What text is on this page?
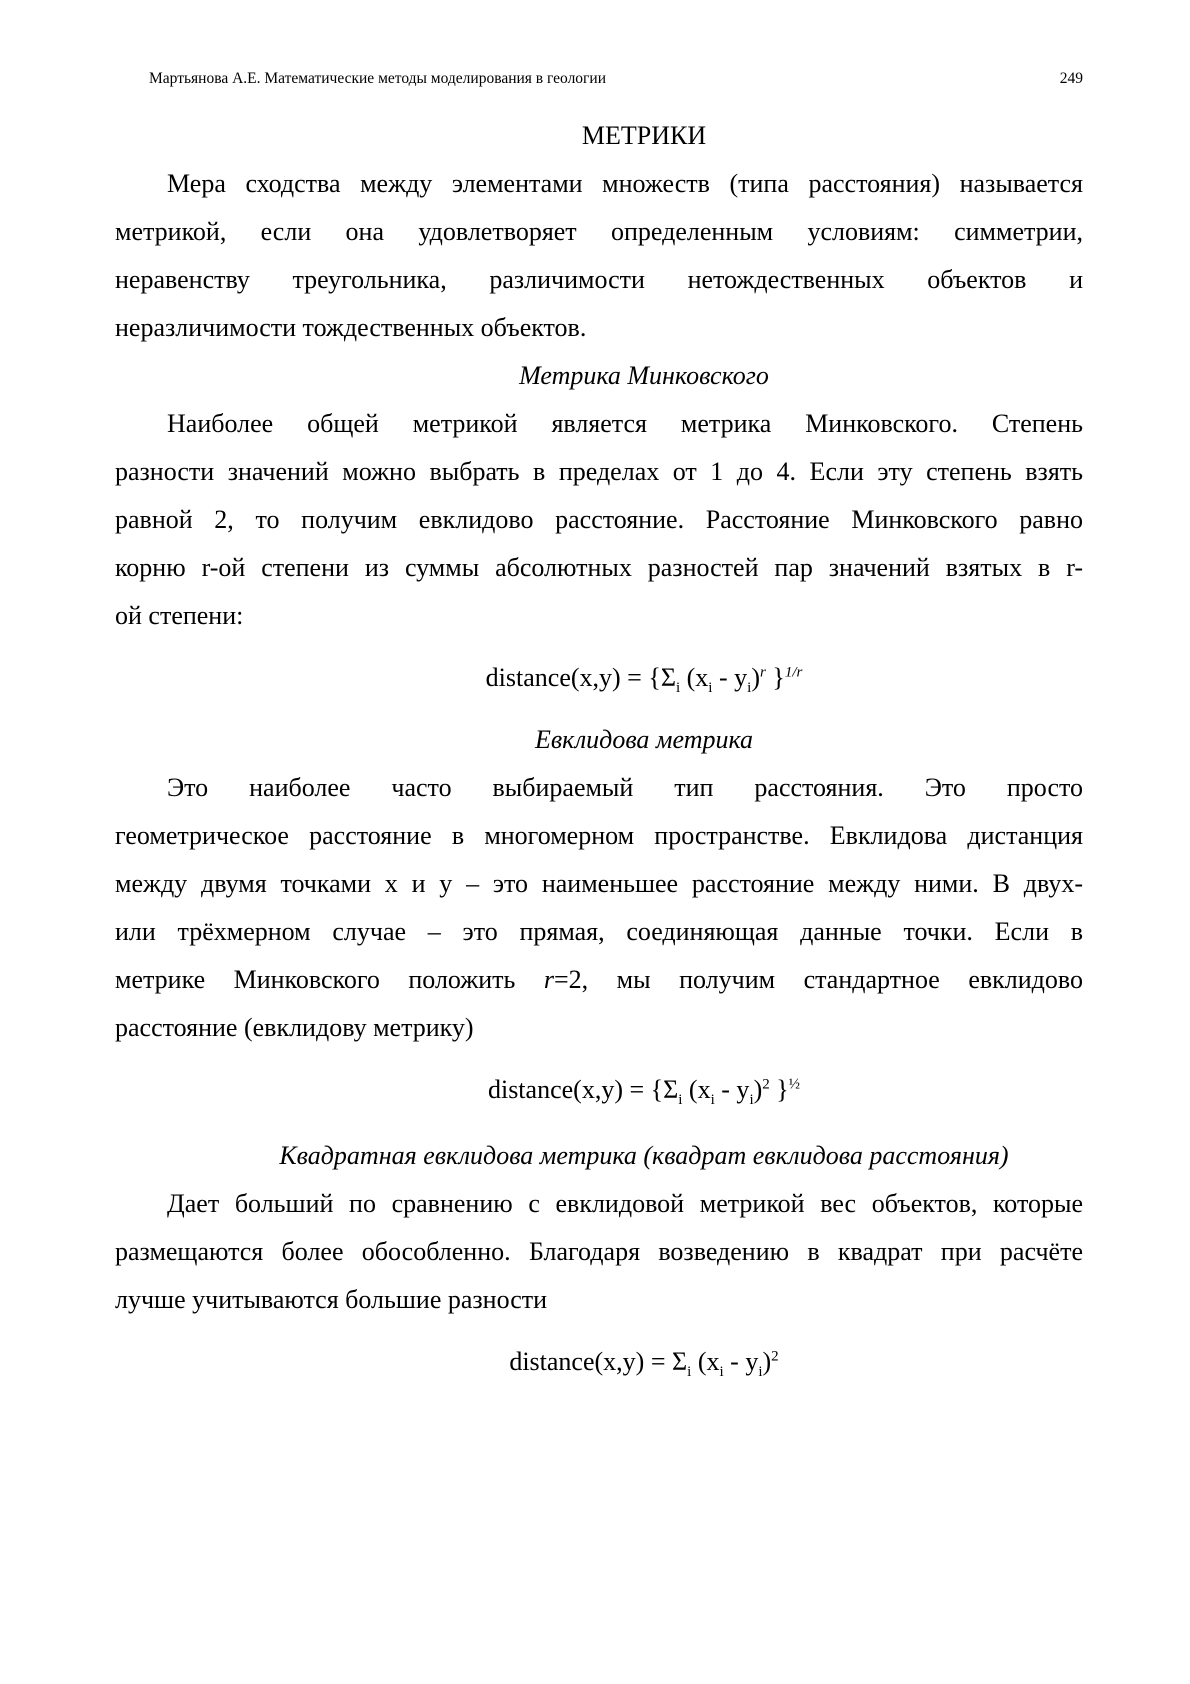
Мартьянова А.Е. Математические методы моделирования в геологии	249
МЕТРИКИ
Мера сходства между элементами множеств (типа расстояния) называется
метрикой, если она удовлетворяет определенным условиям: симметрии,
неравенству треугольника, различимости нетождественных объектов и
неразличимости тождественных объектов.
Метрика Минковского
Наиболее общей метрикой является метрика Минковского. Степень
разности значений можно выбрать в пределах от 1 до 4. Если эту степень взять
равной 2, то получим евклидово расстояние. Расстояние Минковского равно
корню r-ой степени из суммы абсолютных разностей пар значений взятых в r-
ой степени:
distance(x,y) = {$\Sigma_i$ $(x_i - y_i)^r$ }$^{1/r}$
Евклидова метрика
Это наиболее часто выбираемый тип расстояния. Это просто
геометрическое расстояние в многомерном пространстве. Евклидова дистанция
между двумя точками x и y – это наименьшее расстояние между ними. В двух-
или трёхмерном случае – это прямая, соединяющая данные точки. Если в
метрике Минковского положить r=2, мы получим стандартное евклидово
расстояние (евклидову метрику)
distance(x,y) = {$\Sigma_i$ $(x_i - y_i)^2$ }$^{\frac{1}{2}}$
Квадратная евклидова метрика (квадрат евклидова расстояния)
Дает больший по сравнению с евклидовой метрикой вес объектов, которые
размещаются более обособленно. Благодаря возведению в квадрат при расчёте
лучше учитываются большие разности
distance(x,y) = $\Sigma_i$ $(x_i - y_i)^2$
